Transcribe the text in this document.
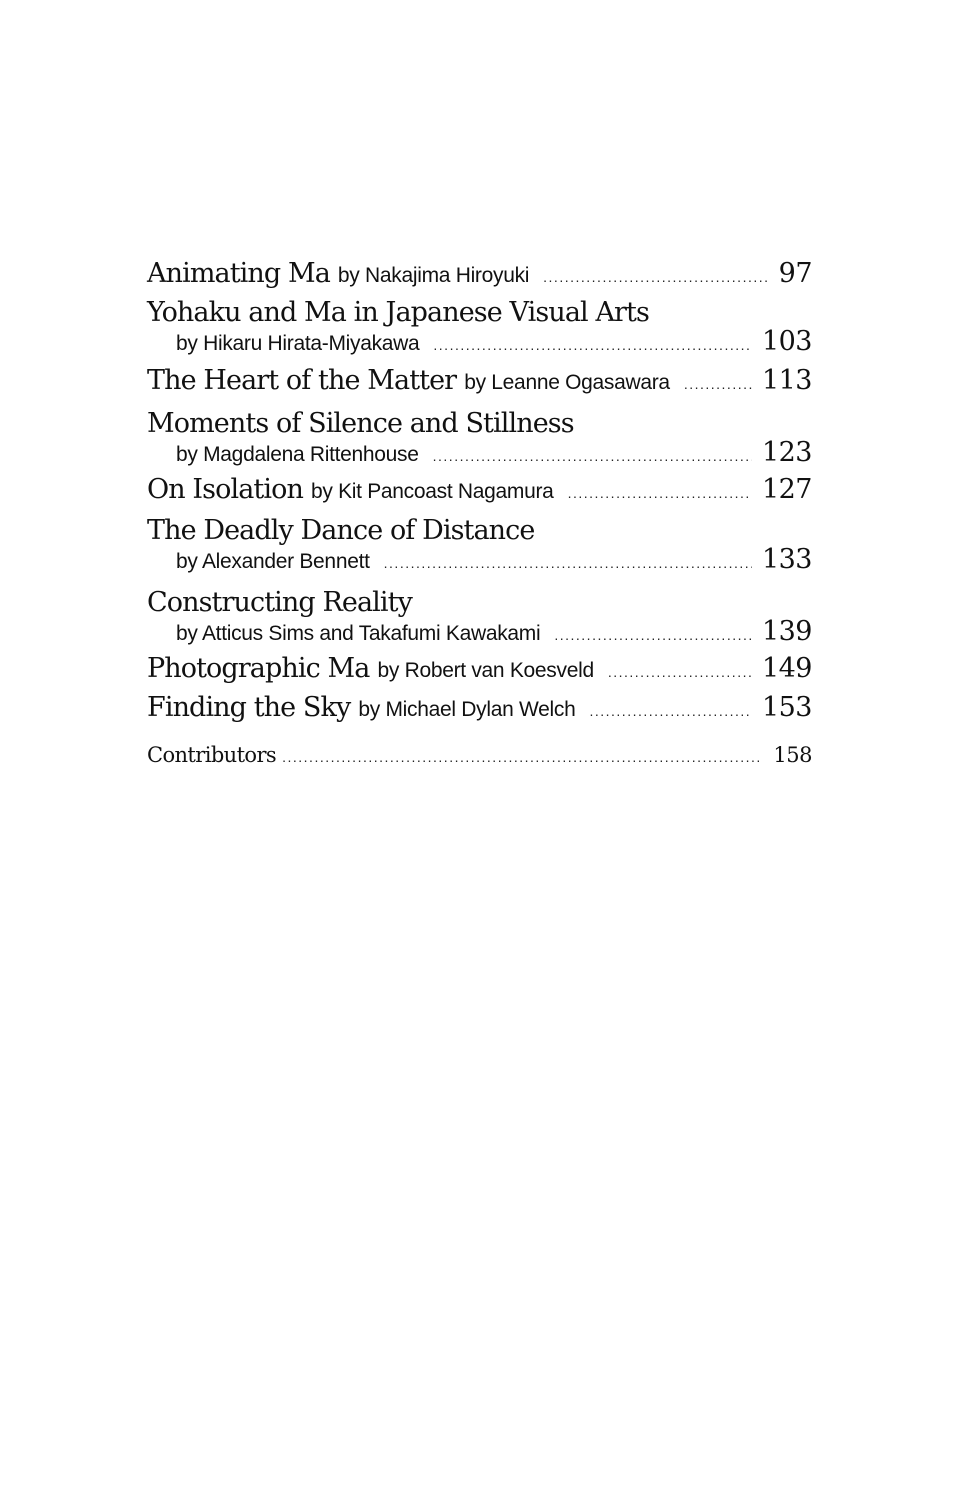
Animating Ma by Nakajima Hiroyuki .....	97
Yohaku and Ma in Japanese Visual Arts
by Hikaru Hirata-Miyakawa .....	103
The Heart of the Matter by Leanne Ogasawara .....	113
Moments of Silence and Stillness
by Magdalena Rittenhouse .....	123
On Isolation by Kit Pancoast Nagamura .....	127
The Deadly Dance of Distance
by Alexander Bennett .....	133
Constructing Reality
by Atticus Sims and Takafumi Kawakami .....	139
Photographic Ma by Robert van Koesveld .....	149
Finding the Sky by Michael Dylan Welch .....	153
Contributors .....	158
